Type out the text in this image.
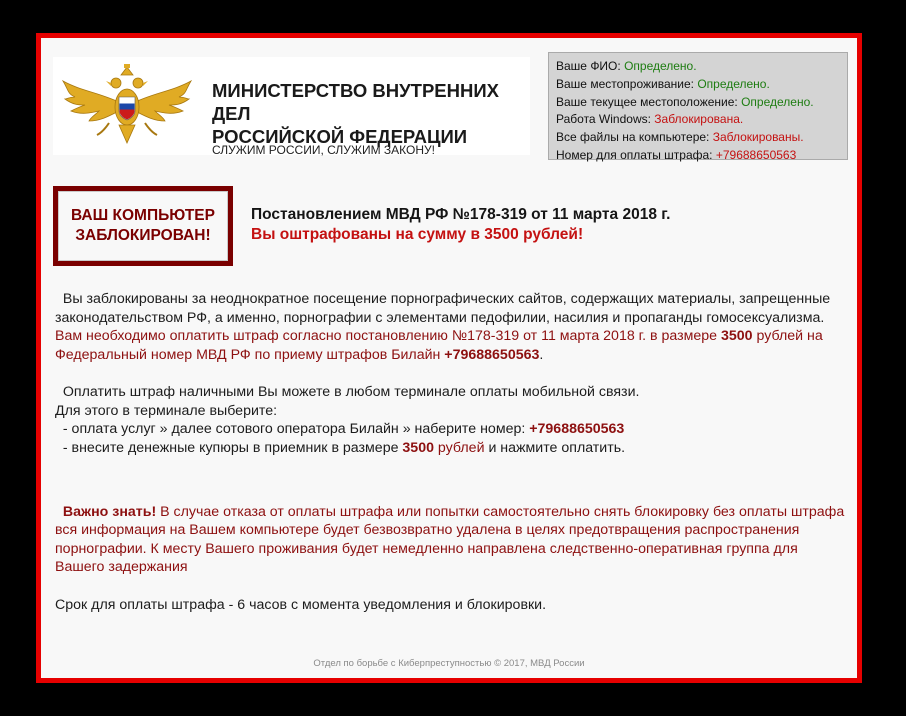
МИНИСТЕРСТВО ВНУТРЕННИХ ДЕЛ
РОССИЙСКОЙ ФЕДЕРАЦИИ
СЛУЖИМ РОССИИ, СЛУЖИМ ЗАКОНУ!
Ваше ФИО: Определено.
Ваше местопроживание: Определено.
Ваше текущее местоположение: Определено.
Работа Windows: Заблокирована.
Все файлы на компьютере: Заблокированы.
Номер для оплаты штрафа: +79688650563
ВАШ КОМПЬЮТЕР ЗАБЛОКИРОВАН!
Постановлением МВД РФ №178-319 от 11 марта 2018 г.
Вы оштрафованы на сумму в 3500 рублей!

Вы заблокированы за неоднократное посещение порнографических сайтов, содержащих материалы, запрещенные законодательством РФ, а именно, порнографии с элементами педофилии, насилия и пропаганды гомосексуализма. Вам необходимо оплатить штраф согласно постановлению №178-319 от 11 марта 2018 г. в размере 3500 рублей на Федеральный номер МВД РФ по приему штрафов Билайн +79688650563.

Оплатить штраф наличными Вы можете в любом терминале оплаты мобильной связи.

Для этого в терминале выберите:

- оплата услуг » далее сотового оператора Билайн » наберите номер: +79688650563

- внесите денежные купюры в приемник в размере 3500 рублей и нажмите оплатить.

Важно знать! В случае отказа от оплаты штрафа или попытки самостоятельно снять блокировку без оплаты штрафа вся информация на Вашем компьютере будет безвозвратно удалена в целях предотвращения распространения порнографии. К месту Вашего проживания будет немедленно направлена следственно-оперативная группа для Вашего задержания

Срок для оплаты штрафа - 6 часов с момента уведомления и блокировки.

Отдел по борьбе с Киберпреступностью © 2017, МВД России
